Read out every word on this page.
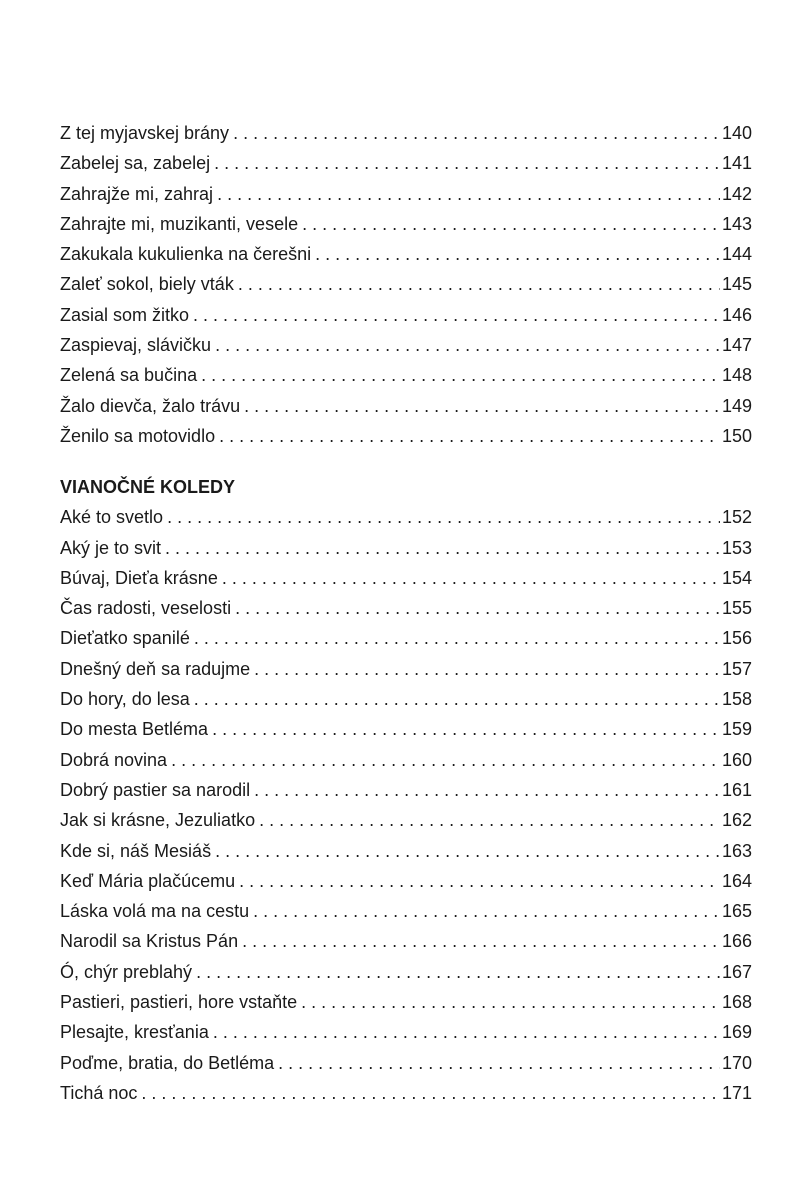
Z tej myjavskej brány . . .	140
Zabelej sa, zabelej . . .	141
Zahrajže mi, zahraj . . .	142
Zahrajte mi, muzikanti, vesele . . .	143
Zakukala kukulienka na čerešni . . .	144
Zaleť sokol, biely vták . . .	145
Zasial som žitko . . .	146
Zaspievaj, slávičku . . .	147
Zelená sa bučina . . .	148
Žalo dievča, žalo trávu . . .	149
Ženilo sa motovidlo . . .	150
VIANOČNÉ KOLEDY
Aké to svetlo . . .	152
Aký je to svit . . .	153
Búvaj, Dieťa krásne . . .	154
Čas radosti, veselosti . . .	155
Dieťatko spanilé . . .	156
Dnešný deň sa radujme . . .	157
Do hory, do lesa . . .	158
Do mesta Betléma . . .	159
Dobrá novina . . .	160
Dobrý pastier sa narodil . . .	161
Jak si krásne, Jezuliatko . . .	162
Kde si, náš Mesiáš . . .	163
Keď Mária plačúcemu . . .	164
Láska volá ma na cestu . . .	165
Narodil sa Kristus Pán . . .	166
Ó, chýr preblahý . . .	167
Pastieri, pastieri, hore vstaňte . . .	168
Plesajte, kresťania . . .	169
Poďme, bratia, do Betléma . . .	170
Tichá noc . . .	171
